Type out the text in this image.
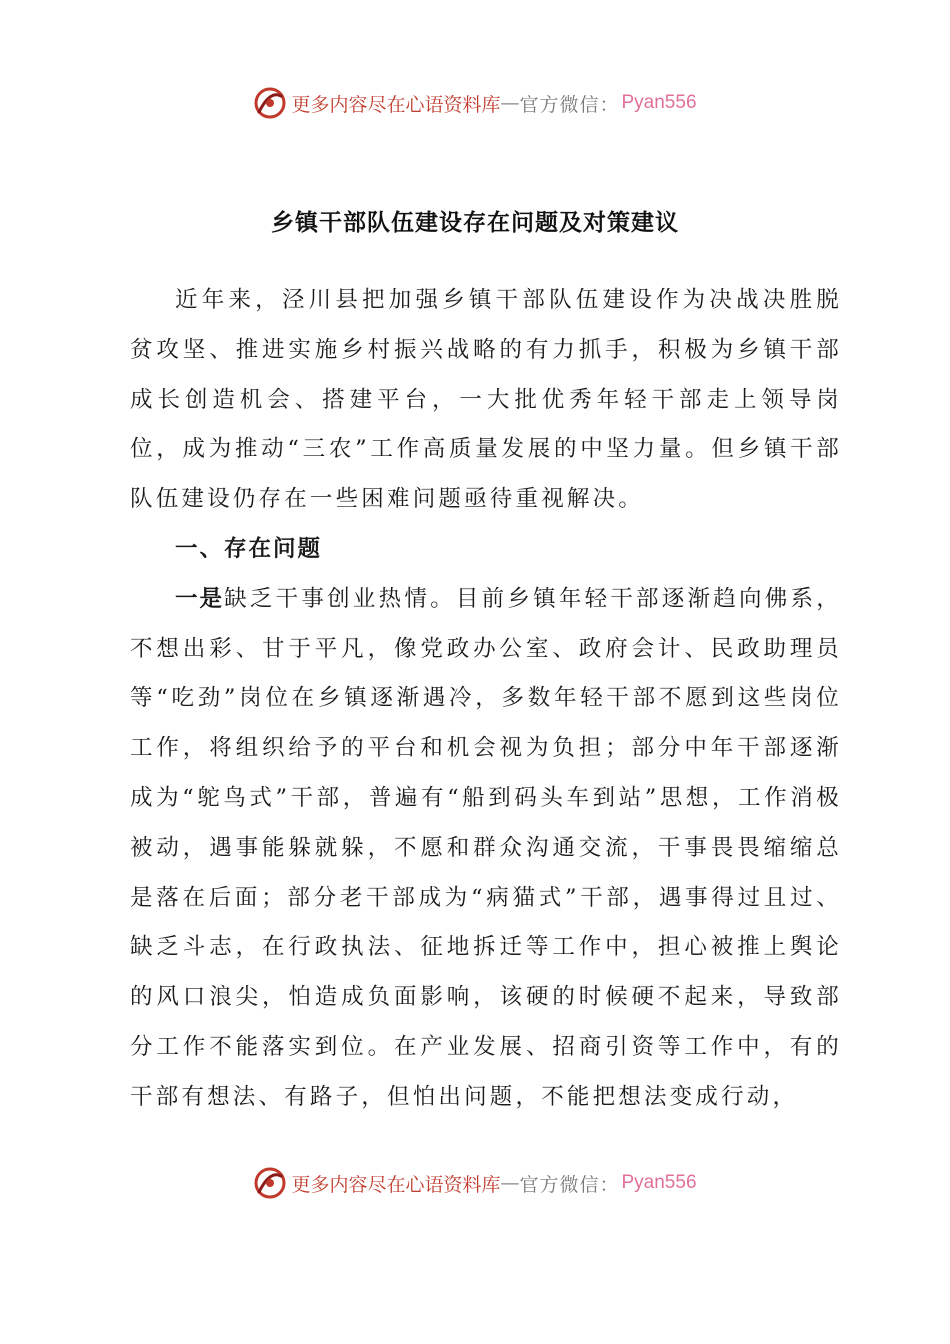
更多内容尽在心语资料库 — 官方微信： Pyan556
乡镇干部队伍建设存在问题及对策建议

近年来，泾川县把加强乡镇干部队伍建设作为决战决胜脱贫攻坚、推进实施乡村振兴战略的有力抓手，积极为乡镇干部成长创造机会、搭建平台，一大批优秀年轻干部走上领导岗位，成为推动“三农”工作高质量发展的中坚力量。但乡镇干部队伍建设仍存在一些困难问题亟待重视解决。

一、存在问题

一是缺乏干事创业热情。目前乡镇年轻干部逐渐趋向佛系，不想出彩、甘于平凡，像党政办公室、政府会计、民政助理员等“吃劲”岗位在乡镇逐渐遇冷，多数年轻干部不愿到这些岗位工作，将组织给予的平台和机会视为负担；部分中年干部逐渐成为“鸵鸟式”干部，普遍有“船到码头车到站”思想，工作消极被动，遇事能躲就躲，不愿和群众沟通交流，干事畏畏缩缩总是落在后面；部分老干部成为“病猫式”干部，遇事得过且过、缺乏斗志，在行政执法、征地拆迁等工作中，担心被推上舆论的风口浪尖，怕造成负面影响，该硬的时候硬不起来，导致部分工作不能落实到位。在产业发展、招商引资等工作中，有的干部有想法、有路子，但怕出问题，不能把想法变成行动，

更多内容尽在心语资料库 — 官方微信： Pyan556
